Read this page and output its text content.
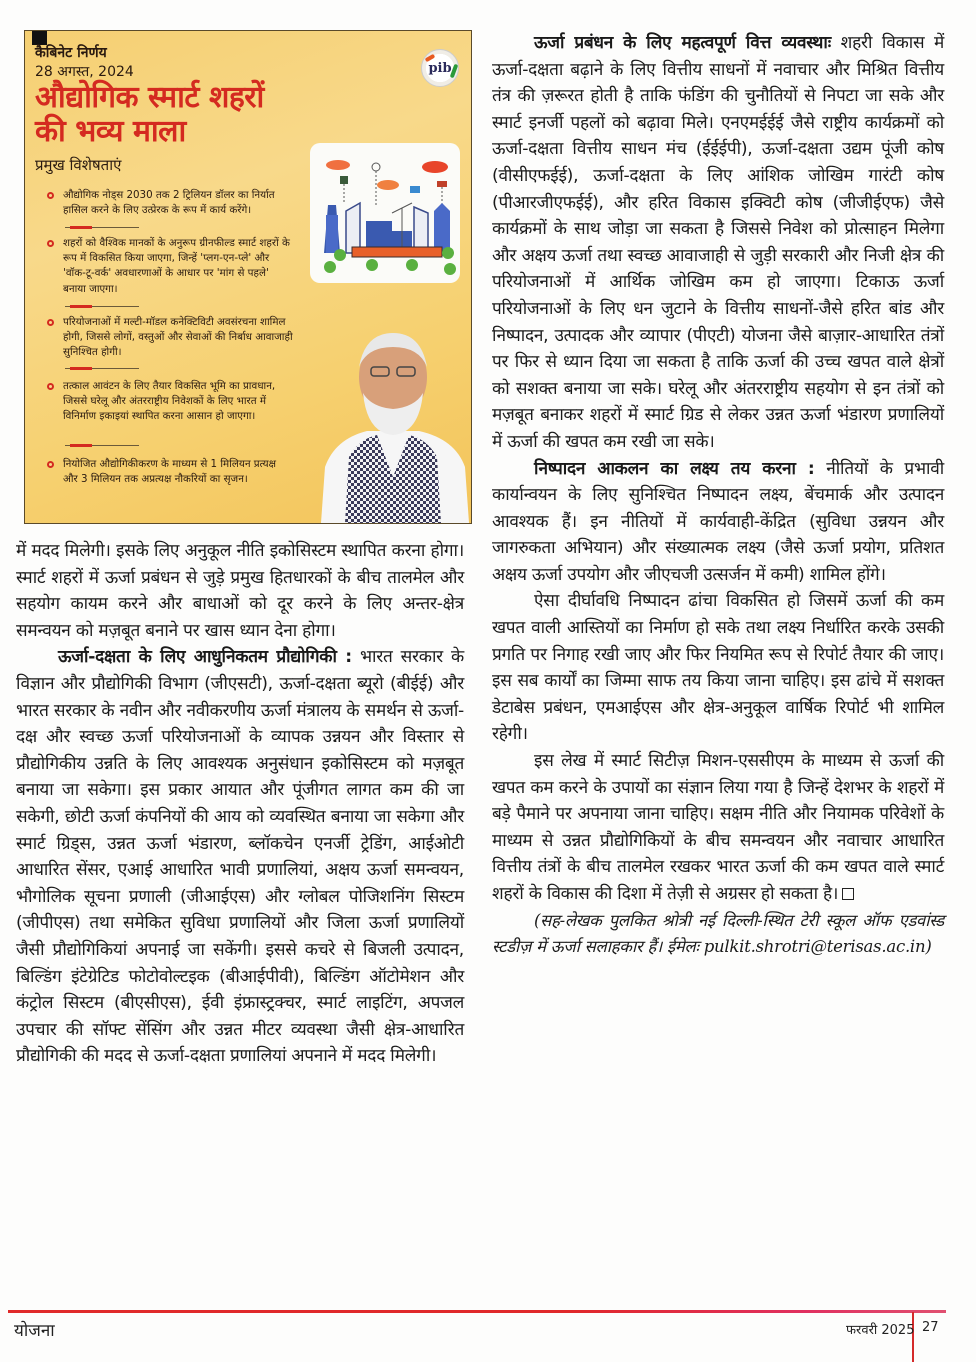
कैबिनेट निर्णय
28 अगस्त, 2024
औद्योगिक स्मार्ट शहरों
की भव्य माला
pib
प्रमुख विशेषताएं
औद्योगिक नोड्स 2030 तक 2 ट्रिलियन डॉलर का निर्यात हासिल करने के लिए उत्प्रेरक के रूप में कार्य करेंगे।
शहरों को वैश्विक मानकों के अनुरूप ग्रीनफील्ड स्मार्ट शहरों के रूप में विकसित किया जाएगा, जिन्हें 'प्लग-एन-प्ले' और 'वॉक-टू-वर्क' अवधारणाओं के आधार पर 'मांग से पहले' बनाया जाएगा।
परियोजनाओं में मल्टी-मॉडल कनेक्टिविटी अवसंरचना शामिल होगी, जिससे लोगों, वस्तुओं और सेवाओं की निर्बाध आवाजाही सुनिश्चित होगी।
तत्काल आवंटन के लिए तैयार विकसित भूमि का प्रावधान, जिससे घरेलू और अंतरराष्ट्रीय निवेशकों के लिए भारत में विनिर्माण इकाइयां स्थापित करना आसान हो जाएगा।
नियोजित औद्योगिकीकरण के माध्यम से 1 मिलियन प्रत्यक्ष और 3 मिलियन तक अप्रत्यक्ष नौकरियों का सृजन।

में मदद मिलेगी। इसके लिए अनुकूल नीति इकोसिस्टम स्थापित करना होगा। स्मार्ट शहरों में ऊर्जा प्रबंधन से जुड़े प्रमुख हितधारकों के बीच तालमेल और सहयोग कायम करने और बाधाओं को दूर करने के लिए अन्तर-क्षेत्र समन्वयन को मज़बूत बनाने पर खास ध्यान देना होगा।

ऊर्जा-दक्षता के लिए आधुनिकतम प्रौद्योगिकी : भारत सरकार के विज्ञान और प्रौद्योगिकी विभाग (जीएसटी), ऊर्जा-दक्षता ब्यूरो (बीईई) और भारत सरकार के नवीन और नवीकरणीय ऊर्जा मंत्रालय के समर्थन से ऊर्जा-दक्ष और स्वच्छ ऊर्जा परियोजनाओं के व्यापक उन्नयन और विस्तार से प्रौद्योगिकीय उन्नति के लिए आवश्यक अनुसंधान इकोसिस्टम को मज़बूत बनाया जा सकेगा। इस प्रकार आयात और पूंजीगत लागत कम की जा सकेगी, छोटी ऊर्जा कंपनियों की आय को व्यवस्थित बनाया जा सकेगा और स्मार्ट ग्रिड्स, उन्नत ऊर्जा भंडारण, ब्लॉकचेन एनर्जी ट्रेडिंग, आईओटी आधारित सेंसर, एआई आधारित भावी प्रणालियां, अक्षय ऊर्जा समन्वयन, भौगोलिक सूचना प्रणाली (जीआईएस) और ग्लोबल पोजिशनिंग सिस्टम (जीपीएस) तथा समेकित सुविधा प्रणालियों और जिला ऊर्जा प्रणालियों जैसी प्रौद्योगिकियां अपनाई जा सकेंगी। इससे कचरे से बिजली उत्पादन, बिल्डिंग इंटेग्रेटिड फोटोवोल्टइक (बीआईपीवी), बिल्डिंग ऑटोमेशन और कंट्रोल सिस्टम (बीएसीएस), ईवी इंफ्रास्ट्रक्चर, स्मार्ट लाइटिंग, अपजल उपचार की सॉफ्ट सेंसिंग और उन्नत मीटर व्यवस्था जैसी क्षेत्र-आधारित प्रौद्योगिकी की मदद से ऊर्जा-दक्षता प्रणालियां अपनाने में मदद मिलेगी।

ऊर्जा प्रबंधन के लिए महत्वपूर्ण वित्त व्यवस्थाः शहरी विकास में ऊर्जा-दक्षता बढ़ाने के लिए वित्तीय साधनों में नवाचार और मिश्रित वित्तीय तंत्र की ज़रूरत होती है ताकि फंडिंग की चुनौतियों से निपटा जा सके और स्मार्ट इनर्जी पहलों को बढ़ावा मिले। एनएमईईई जैसे राष्ट्रीय कार्यक्रमों को ऊर्जा-दक्षता वित्तीय साधन मंच (ईईईपी), ऊर्जा-दक्षता उद्यम पूंजी कोष (वीसीएफईई), ऊर्जा-दक्षता के लिए आंशिक जोखिम गारंटी कोष (पीआरजीएफईई), और हरित विकास इक्विटी कोष (जीजीईएफ) जैसे कार्यक्रमों के साथ जोड़ा जा सकता है जिससे निवेश को प्रोत्साहन मिलेगा और अक्षय ऊर्जा तथा स्वच्छ आवाजाही से जुड़ी सरकारी और निजी क्षेत्र की परियोजनाओं में आर्थिक जोखिम कम हो जाएगा। टिकाऊ ऊर्जा परियोजनाओं के लिए धन जुटाने के वित्तीय साधनों-जैसे हरित बांड और निष्पादन, उत्पादक और व्यापार (पीएटी) योजना जैसे बाज़ार-आधारित तंत्रों पर फिर से ध्यान दिया जा सकता है ताकि ऊर्जा की उच्च खपत वाले क्षेत्रों को सशक्त बनाया जा सके। घरेलू और अंतरराष्ट्रीय सहयोग से इन तंत्रों को मज़बूत बनाकर शहरों में स्मार्ट ग्रिड से लेकर उन्नत ऊर्जा भंडारण प्रणालियों में ऊर्जा की खपत कम रखी जा सके।

निष्पादन आकलन का लक्ष्य तय करना : नीतियों के प्रभावी कार्यान्वयन के लिए सुनिश्चित निष्पादन लक्ष्य, बेंचमार्क और उत्पादन आवश्यक हैं। इन नीतियों में कार्यवाही-केंद्रित (सुविधा उन्नयन और जागरुकता अभियान) और संख्यात्मक लक्ष्य (जैसे ऊर्जा प्रयोग, प्रतिशत अक्षय ऊर्जा उपयोग और जीएचजी उत्सर्जन में कमी) शामिल होंगे।

ऐसा दीर्घावधि निष्पादन ढांचा विकसित हो जिसमें ऊर्जा की कम खपत वाली आस्तियों का निर्माण हो सके तथा लक्ष्य निर्धारित करके उसकी प्रगति पर निगाह रखी जाए और फिर नियमित रूप से रिपोर्ट तैयार की जाए। इस सब कार्यों का जिम्मा साफ तय किया जाना चाहिए। इस ढांचे में सशक्त डेटाबेस प्रबंधन, एमआईएस और क्षेत्र-अनुकूल वार्षिक रिपोर्ट भी शामिल रहेगी।

इस लेख में स्मार्ट सिटीज़ मिशन-एससीएम के माध्यम से ऊर्जा की खपत कम करने के उपायों का संज्ञान लिया गया है जिन्हें देशभर के शहरों में बड़े पैमाने पर अपनाया जाना चाहिए। सक्षम नीति और नियामक परिवेशों के माध्यम से उन्नत प्रौद्योगिकियों के बीच समन्वयन और नवाचार आधारित वित्तीय तंत्रों के बीच तालमेल रखकर भारत ऊर्जा की कम खपत वाले स्मार्ट शहरों के विकास की दिशा में तेज़ी से अग्रसर हो सकता है।

(सह-लेखक पुलकित श्रोत्री नई दिल्ली-स्थित टेरी स्कूल ऑफ एडवांस्ड स्टडीज़ में ऊर्जा सलाहकार हैं। ईमेलः pulkit.shrotri@terisas.ac.in)

योजना	फरवरी 2025 27
